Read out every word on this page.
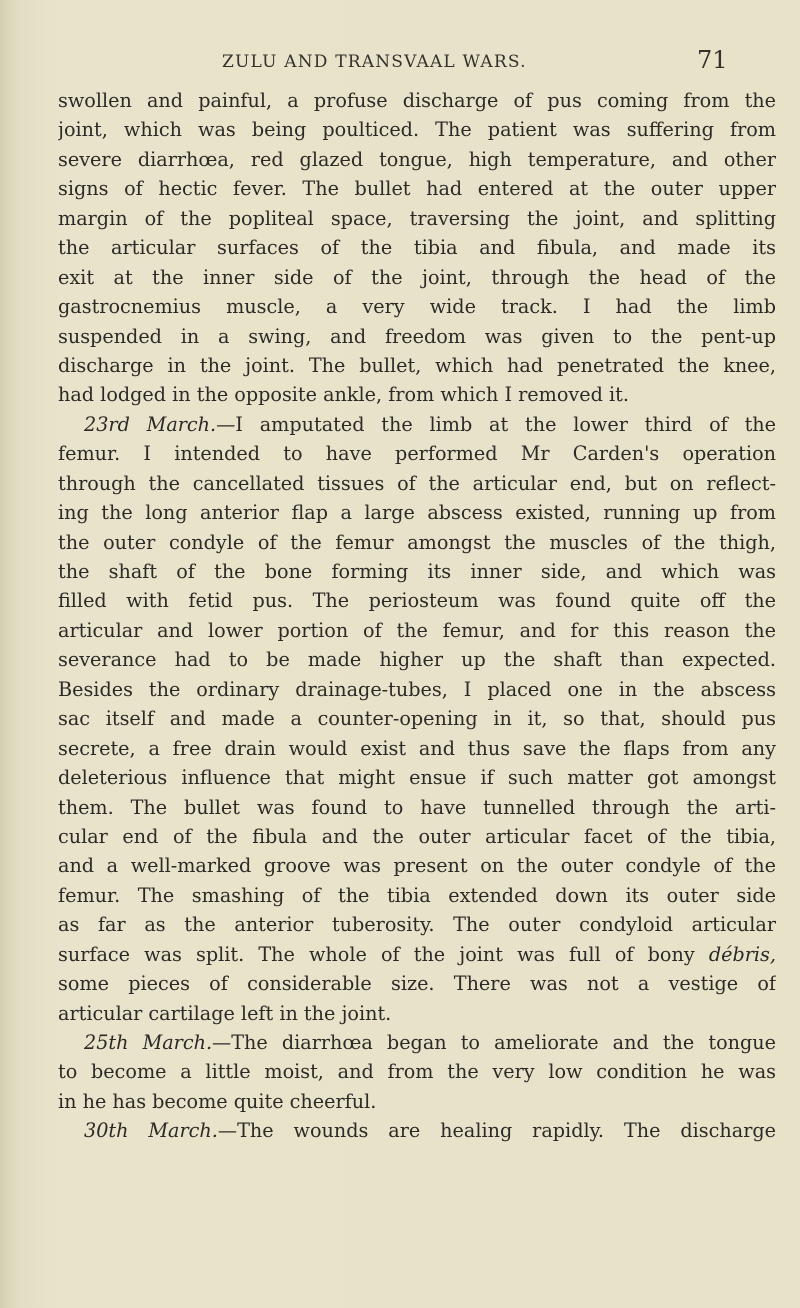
ZULU AND TRANSVAAL WARS.	71
swollen and painful, a profuse discharge of pus coming from the
joint, which was being poulticed. The patient was suffering from
severe diarrhœa, red glazed tongue, high temperature, and other
signs of hectic fever. The bullet had entered at the outer upper
margin of the popliteal space, traversing the joint, and splitting
the articular surfaces of the tibia and fibula, and made its
exit at the inner side of the joint, through the head of the
gastrocnemius muscle, a very wide track. I had the limb
suspended in a swing, and freedom was given to the pent-up
discharge in the joint. The bullet, which had penetrated the knee,
had lodged in the opposite ankle, from which I removed it.
23rd March.—I amputated the limb at the lower third of the
femur. I intended to have performed Mr Carden's operation
through the cancellated tissues of the articular end, but on reflect-
ing the long anterior flap a large abscess existed, running up from
the outer condyle of the femur amongst the muscles of the thigh,
the shaft of the bone forming its inner side, and which was
filled with fetid pus. The periosteum was found quite off the
articular and lower portion of the femur, and for this reason the
severance had to be made higher up the shaft than expected.
Besides the ordinary drainage-tubes, I placed one in the abscess
sac itself and made a counter-opening in it, so that, should pus
secrete, a free drain would exist and thus save the flaps from any
deleterious influence that might ensue if such matter got amongst
them. The bullet was found to have tunnelled through the arti-
cular end of the fibula and the outer articular facet of the tibia,
and a well-marked groove was present on the outer condyle of the
femur. The smashing of the tibia extended down its outer side
as far as the anterior tuberosity. The outer condyloid articular
surface was split. The whole of the joint was full of bony débris,
some pieces of considerable size. There was not a vestige of
articular cartilage left in the joint.
25th March.—The diarrhœa began to ameliorate and the tongue
to become a little moist, and from the very low condition he was
in he has become quite cheerful.
30th March.—The wounds are healing rapidly. The discharge
